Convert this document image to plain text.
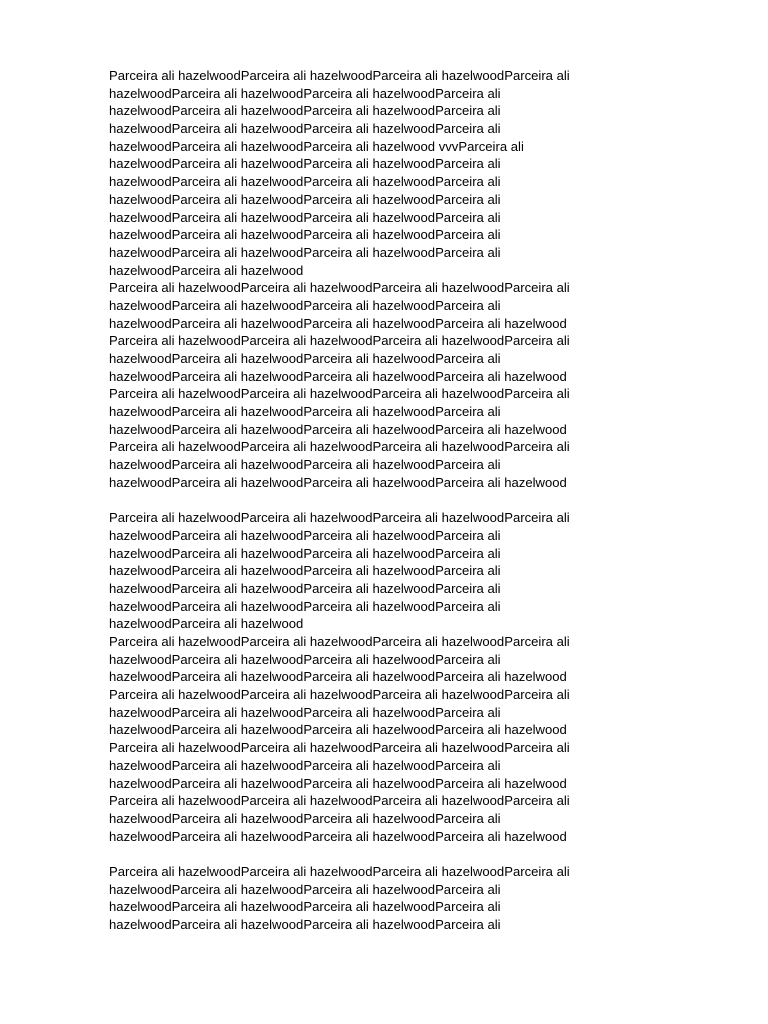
Parceira ali hazelwoodParceira ali hazelwoodParceira ali hazelwoodParceira ali
hazelwoodParceira ali hazelwoodParceira ali hazelwoodParceira ali
hazelwoodParceira ali hazelwoodParceira ali hazelwoodParceira ali
hazelwoodParceira ali hazelwoodParceira ali hazelwoodParceira ali
hazelwoodParceira ali hazelwoodParceira ali hazelwood vvvParceira ali
hazelwoodParceira ali hazelwoodParceira ali hazelwoodParceira ali
hazelwoodParceira ali hazelwoodParceira ali hazelwoodParceira ali
hazelwoodParceira ali hazelwoodParceira ali hazelwoodParceira ali
hazelwoodParceira ali hazelwoodParceira ali hazelwoodParceira ali
hazelwoodParceira ali hazelwoodParceira ali hazelwoodParceira ali
hazelwoodParceira ali hazelwoodParceira ali hazelwoodParceira ali
hazelwoodParceira ali hazelwood
Parceira ali hazelwoodParceira ali hazelwoodParceira ali hazelwoodParceira ali
hazelwoodParceira ali hazelwoodParceira ali hazelwoodParceira ali
hazelwoodParceira ali hazelwoodParceira ali hazelwoodParceira ali hazelwood
Parceira ali hazelwoodParceira ali hazelwoodParceira ali hazelwoodParceira ali
hazelwoodParceira ali hazelwoodParceira ali hazelwoodParceira ali
hazelwoodParceira ali hazelwoodParceira ali hazelwoodParceira ali hazelwood
Parceira ali hazelwoodParceira ali hazelwoodParceira ali hazelwoodParceira ali
hazelwoodParceira ali hazelwoodParceira ali hazelwoodParceira ali
hazelwoodParceira ali hazelwoodParceira ali hazelwoodParceira ali hazelwood
Parceira ali hazelwoodParceira ali hazelwoodParceira ali hazelwoodParceira ali
hazelwoodParceira ali hazelwoodParceira ali hazelwoodParceira ali
hazelwoodParceira ali hazelwoodParceira ali hazelwoodParceira ali hazelwood
Parceira ali hazelwoodParceira ali hazelwoodParceira ali hazelwoodParceira ali
hazelwoodParceira ali hazelwoodParceira ali hazelwoodParceira ali
hazelwoodParceira ali hazelwoodParceira ali hazelwoodParceira ali
hazelwoodParceira ali hazelwoodParceira ali hazelwoodParceira ali
hazelwoodParceira ali hazelwoodParceira ali hazelwoodParceira ali
hazelwoodParceira ali hazelwoodParceira ali hazelwoodParceira ali
hazelwoodParceira ali hazelwood
Parceira ali hazelwoodParceira ali hazelwoodParceira ali hazelwoodParceira ali
hazelwoodParceira ali hazelwoodParceira ali hazelwoodParceira ali
hazelwoodParceira ali hazelwoodParceira ali hazelwoodParceira ali hazelwood
Parceira ali hazelwoodParceira ali hazelwoodParceira ali hazelwoodParceira ali
hazelwoodParceira ali hazelwoodParceira ali hazelwoodParceira ali
hazelwoodParceira ali hazelwoodParceira ali hazelwoodParceira ali hazelwood
Parceira ali hazelwoodParceira ali hazelwoodParceira ali hazelwoodParceira ali
hazelwoodParceira ali hazelwoodParceira ali hazelwoodParceira ali
hazelwoodParceira ali hazelwoodParceira ali hazelwoodParceira ali hazelwood
Parceira ali hazelwoodParceira ali hazelwoodParceira ali hazelwoodParceira ali
hazelwoodParceira ali hazelwoodParceira ali hazelwoodParceira ali
hazelwoodParceira ali hazelwoodParceira ali hazelwoodParceira ali hazelwood
Parceira ali hazelwoodParceira ali hazelwoodParceira ali hazelwoodParceira ali
hazelwoodParceira ali hazelwoodParceira ali hazelwoodParceira ali
hazelwoodParceira ali hazelwoodParceira ali hazelwoodParceira ali
hazelwoodParceira ali hazelwoodParceira ali hazelwoodParceira ali
